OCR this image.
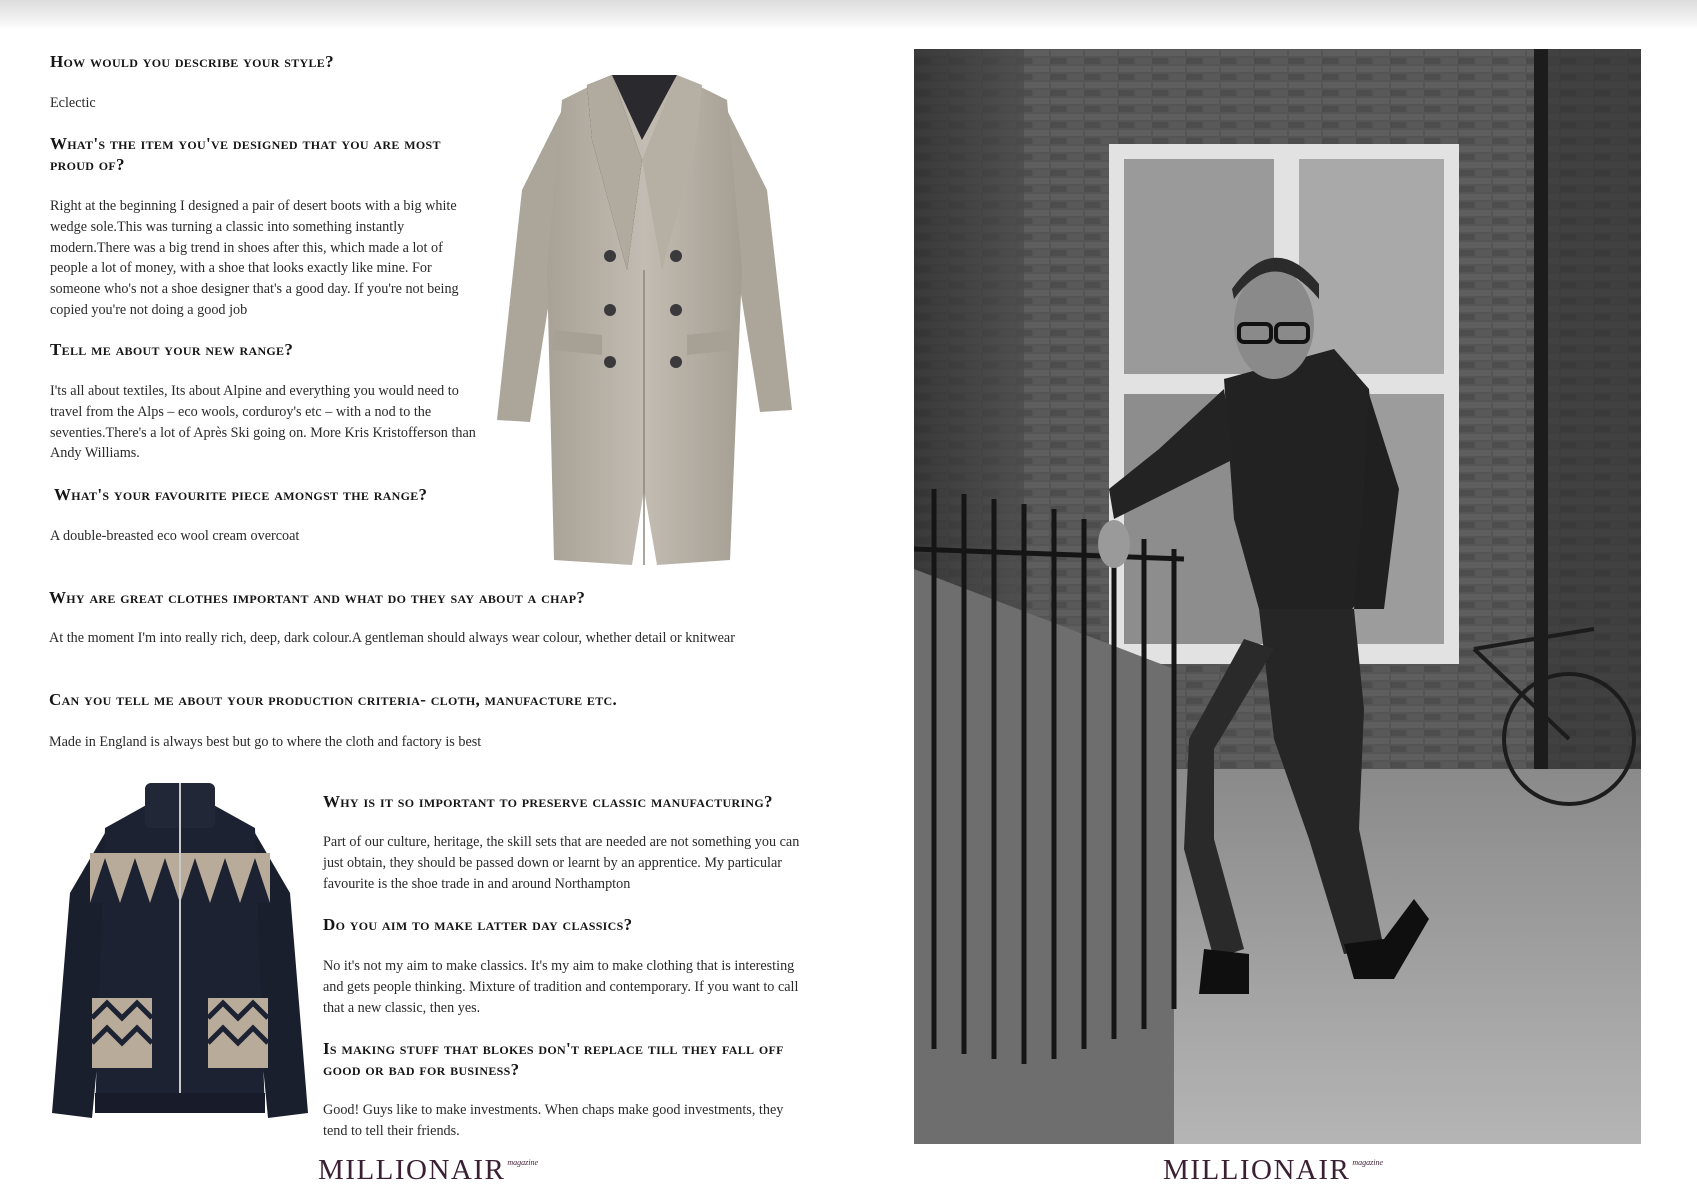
How would you describe your style?

Eclectic

What's the item you've designed that you are most proud of?

Right at the beginning I designed a pair of desert boots with a big white wedge sole.This was turning a classic into something instantly modern.There was a big trend in shoes after this, which made a lot of people a lot of money, with a shoe that looks exactly like mine. For someone who's not a shoe designer that's a good day. If you're not being copied you're not doing a good job

Tell me about your new range?

I'ts all about textiles, Its about Alpine and everything you would need to travel from the Alps – eco wools, corduroy's etc – with a nod to the seventies.There's a lot of Après Ski going on. More Kris Kristofferson than Andy Williams.

What's your favourite piece amongst the range?

A double-breasted eco wool cream overcoat

Why are great clothes important and what do they say about a chap?

At the moment I'm into really rich, deep, dark colour.A gentleman should always wear colour, whether detail or knitwear

Can you tell me about your production criteria- cloth, manufacture etc.

Made in England is always best but go to where the cloth and factory is best

Why is it so important to preserve classic manufacturing?

Part of our culture, heritage, the skill sets that are needed are not something you can just obtain, they should be passed down or learnt by an apprentice. My particular favourite is the shoe trade in and around Northampton

Do you aim to make latter day classics?

No it's not my aim to make classics. It's my aim to make clothing that is interesting and gets people thinking. Mixture of tradition and contemporary. If you want to call that a new classic, then yes.

Is making stuff that blokes don't replace till they fall off good or bad for business?

Good! Guys like to make investments. When chaps make good investments, they tend to tell their friends.

MILLIONAIR $^{magazine}$	MILLIONAIR $^{magazine}$
